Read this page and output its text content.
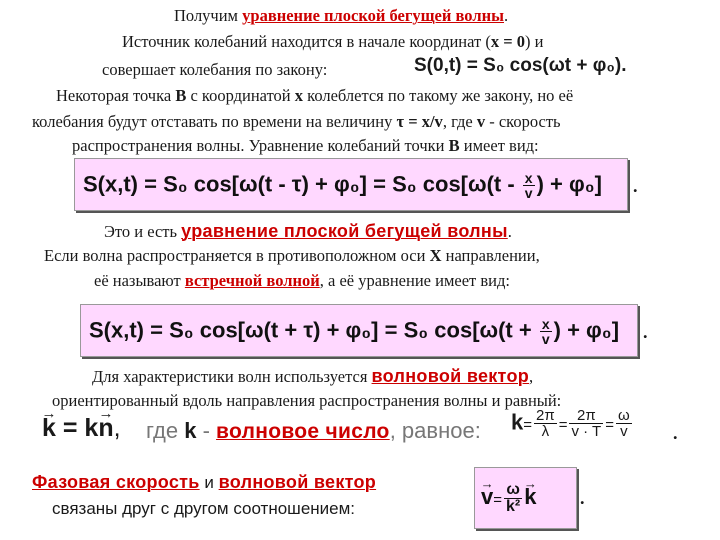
Получим уравнение плоской бегущей волны.
Источник колебаний находится в начале координат (x = 0) и
совершает колебания по закону:	S(0,t) = S₀ cos(ωt + φ₀).
Некоторая точка B с координатой x колеблется по такому же закону, но её
колебания будут отставать по времени на величину τ = x/v, где v - скорость
распространения волны. Уравнение колебаний точки B имеет вид:
S(x,t) = S₀ cos[ω(t - τ) + φ₀] = S₀ $\cos[\omega(t - \frac{x}{v}$ ) + φ₀] .
Это и есть уравнение плоской бегущей волны.
Если волна распространяется в противоположном оси X направлении,
её называют встречной волной, а её уравнение имеет вид:
S(x,t) = S₀ cos[ω(t + τ) + φ₀] = S₀ $\cos[\omega(t + \frac{x}{v}$ ) + φ₀] .
Для характеристики волн используется волновой вектор,
ориентированный вдоль направления распространения волны и равный:
→ k = k→ n, где k - волновое число, равное: $k= \frac{2\pi}{\lambda} = \frac{2\pi}{v \cdot T} = \frac{\omega}{v}$ .
Фазовая скорость и волновой вектор
связаны друг с другом соотношением:
→	$v= \frac{\omega}{\text{k²}}$
→ k .
